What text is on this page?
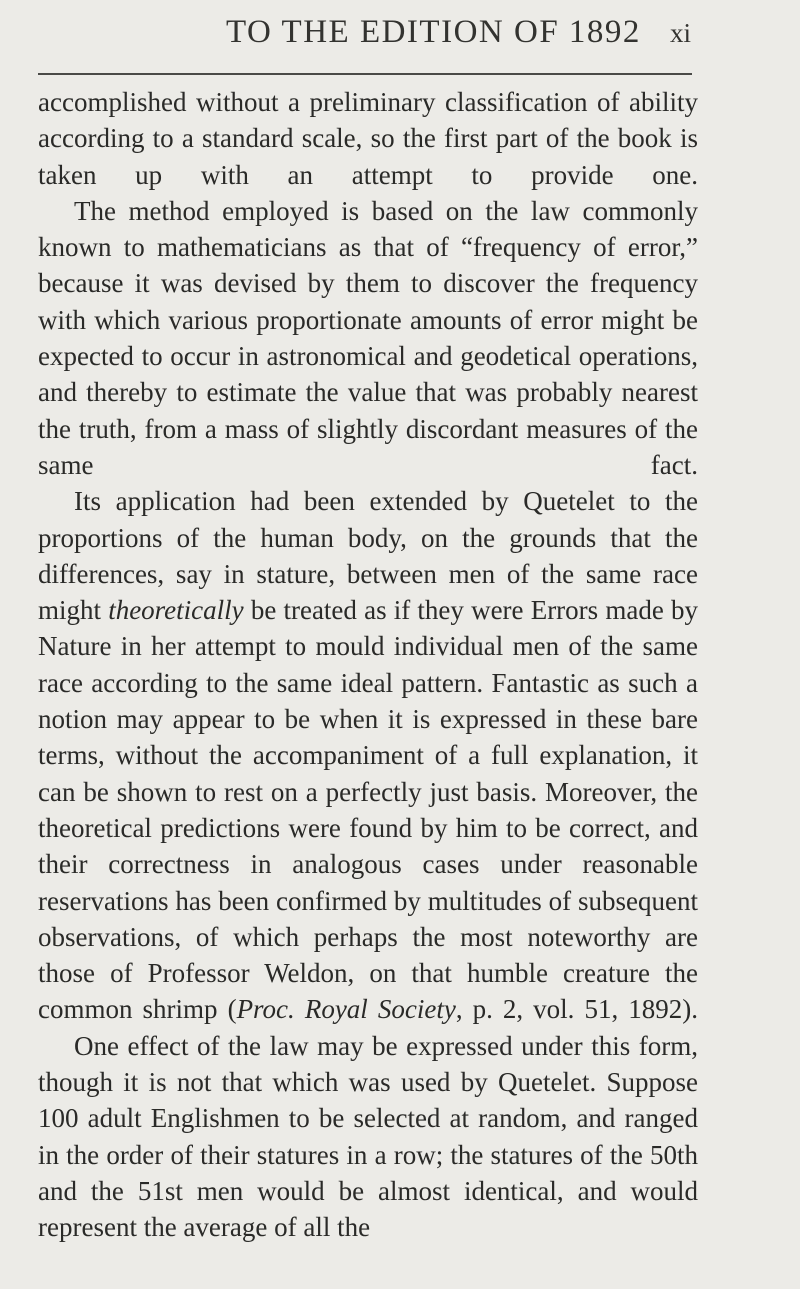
TO THE EDITION OF 1892 xi

accomplished without a preliminary classification of ability according to a standard scale, so the first part of the book is taken up with an attempt to provide one.

The method employed is based on the law commonly known to mathematicians as that of “frequency of error,” because it was devised by them to discover the frequency with which various proportionate amounts of error might be expected to occur in astronomical and geodetical operations, and thereby to estimate the value that was probably nearest the truth, from a mass of slightly discordant measures of the same fact.

Its application had been extended by Quetelet to the proportions of the human body, on the grounds that the differences, say in stature, between men of the same race might theoretically be treated as if they were Errors made by Nature in her attempt to mould individual men of the same race according to the same ideal pattern. Fantastic as such a notion may appear to be when it is expressed in these bare terms, without the accompaniment of a full explanation, it can be shown to rest on a perfectly just basis. Moreover, the theoretical predictions were found by him to be correct, and their correctness in analogous cases under reasonable reservations has been confirmed by multitudes of subsequent observations, of which perhaps the most noteworthy are those of Professor Weldon, on that humble creature the common shrimp (Proc. Royal Society, p. 2, vol. 51, 1892).

One effect of the law may be expressed under this form, though it is not that which was used by Quetelet. Suppose 100 adult Englishmen to be selected at random, and ranged in the order of their statures in a row; the statures of the 50th and the 51st men would be almost identical, and would represent the average of all the
